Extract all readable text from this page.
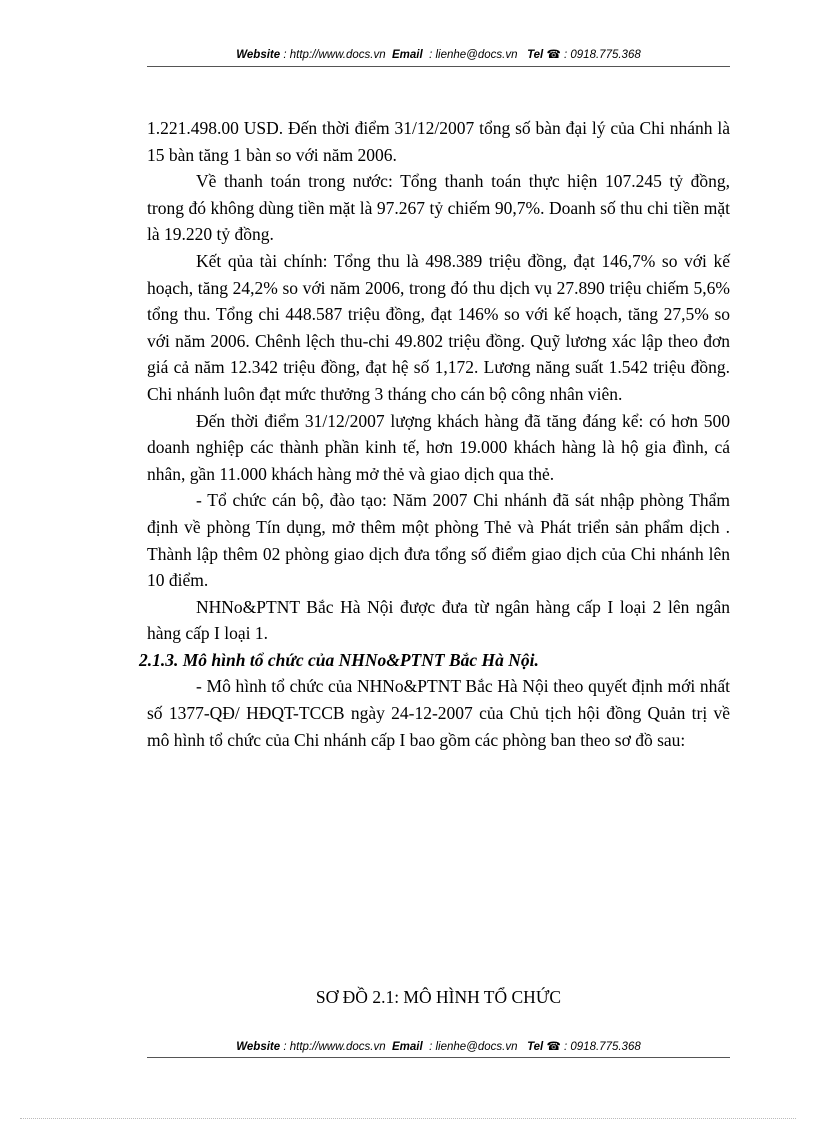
Website : http://www.docs.vn Email : lienhe@docs.vn Tel ☎ : 0918.775.368

1.221.498.00 USD. Đến thời điểm 31/12/2007 tổng số bàn đại lý của Chi nhánh là 15 bàn tăng 1 bàn so với năm 2006.

Về thanh toán trong nước: Tổng thanh toán thực hiện 107.245 tỷ đồng, trong đó không dùng tiền mặt là 97.267 tỷ chiếm 90,7%. Doanh số thu chi tiền mặt là 19.220 tỷ đồng.

Kết qủa tài chính: Tổng thu là 498.389 triệu đồng, đạt 146,7% so với kế hoạch, tăng 24,2% so với năm 2006, trong đó thu dịch vụ 27.890 triệu chiếm 5,6% tổng thu. Tổng chi 448.587 triệu đồng, đạt 146% so với kế hoạch, tăng 27,5% so với năm 2006. Chênh lệch thu-chi 49.802 triệu đồng. Quỹ lương xác lập theo đơn giá cả năm 12.342 triệu đồng, đạt hệ số 1,172. Lương năng suất 1.542 triệu đồng. Chi nhánh luôn đạt mức thưởng 3 tháng cho cán bộ công nhân viên.

Đến thời điểm 31/12/2007 lượng khách hàng đã tăng đáng kể: có hơn 500 doanh nghiệp các thành phần kinh tế, hơn 19.000 khách hàng là hộ gia đình, cá nhân, gần 11.000 khách hàng mở thẻ và giao dịch qua thẻ.

- Tổ chức cán bộ, đào tạo: Năm 2007 Chi nhánh đã sát nhập phòng Thẩm định về phòng Tín dụng, mở thêm một phòng Thẻ và Phát triển sản phẩm dịch . Thành lập thêm 02 phòng giao dịch đưa tổng số điểm giao dịch của Chi nhánh lên 10 điểm.

NHNo&PTNT Bắc Hà Nội được đưa từ ngân hàng cấp I loại 2 lên ngân hàng cấp I loại 1.

2.1.3. Mô hình tổ chức của NHNo&PTNT Bắc Hà Nội.

- Mô hình tổ chức của NHNo&PTNT Bắc Hà Nội theo quyết định mới nhất số 1377-QĐ/ HĐQT-TCCB ngày 24-12-2007 của Chủ tịch hội đồng Quản trị về mô hình tổ chức của Chi nhánh cấp I bao gồm các phòng ban theo sơ đồ sau:

SƠ ĐỒ 2.1: MÔ HÌNH TỔ CHỨC
Website : http://www.docs.vn Email : lienhe@docs.vn Tel ☎ : 0918.775.368
